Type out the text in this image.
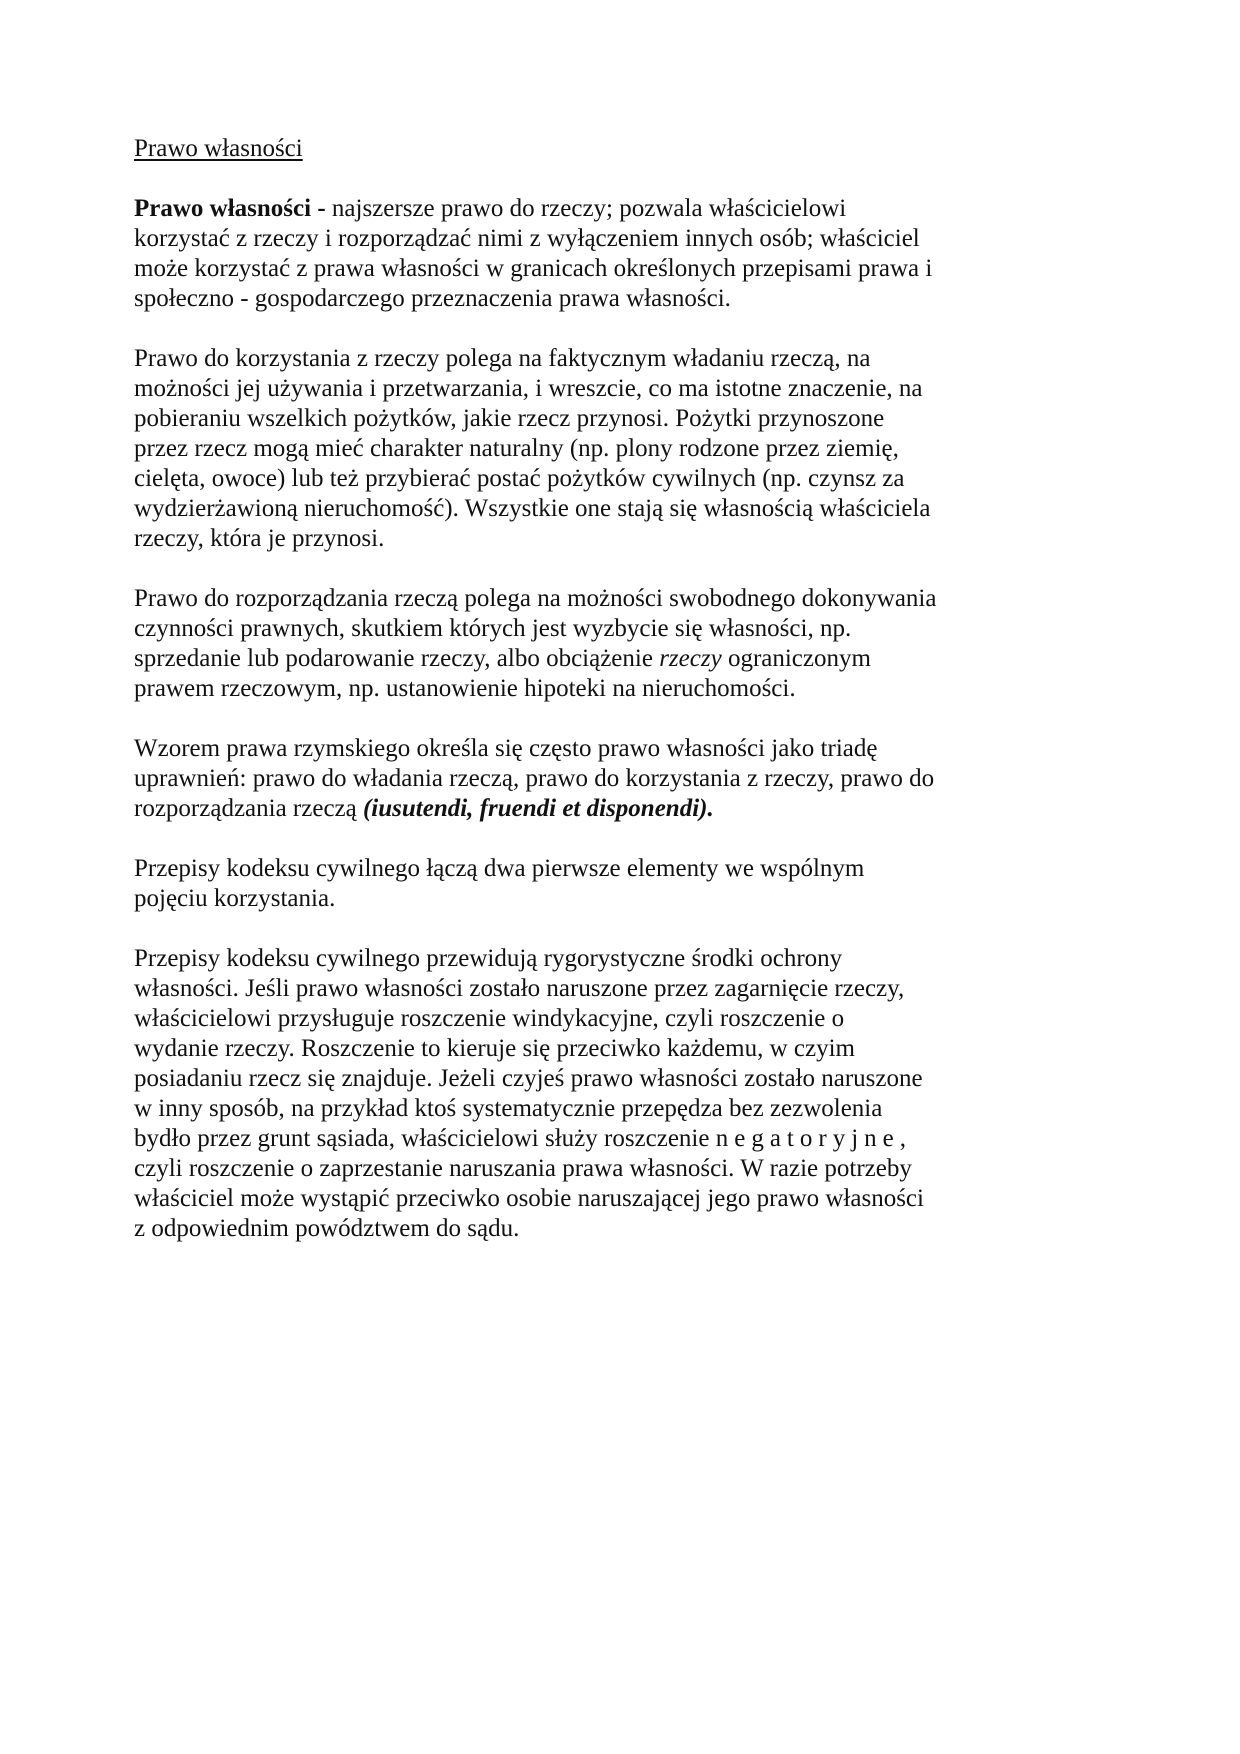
Prawo własności

Prawo własności - najszersze prawo do rzeczy; pozwala właścicielowi
korzystać z rzeczy i rozporządzać nimi z wyłączeniem innych osób; właściciel
może korzystać z prawa własności w granicach określonych przepisami prawa i
społeczno - gospodarczego przeznaczenia prawa własności.

Prawo do korzystania z rzeczy polega na faktycznym władaniu rzeczą, na
możności jej używania i przetwarzania, i wreszcie, co ma istotne znaczenie, na
pobieraniu wszelkich pożytków, jakie rzecz przynosi. Pożytki przynoszone
przez rzecz mogą mieć charakter naturalny (np. plony rodzone przez ziemię,
cielęta, owoce) lub też przybierać postać pożytków cywilnych (np. czynsz za
wydzierżawioną nieruchomość). Wszystkie one stają się własnością właściciela
rzeczy, która je przynosi.

Prawo do rozporządzania rzeczą polega na możności swobodnego dokonywania
czynności prawnych, skutkiem których jest wyzbycie się własności, np.
sprzedanie lub podarowanie rzeczy, albo obciążenie rzeczy ograniczonym
prawem rzeczowym, np. ustanowienie hipoteki na nieruchomości.

Wzorem prawa rzymskiego określa się często prawo własności jako triadę
uprawnień: prawo do władania rzeczą, prawo do korzystania z rzeczy, prawo do
rozporządzania rzeczą (iusutendi, fruendi et disponendi).

Przepisy kodeksu cywilnego łączą dwa pierwsze elementy we wspólnym
pojęciu korzystania.

Przepisy kodeksu cywilnego przewidują rygorystyczne środki ochrony
własności. Jeśli prawo własności zostało naruszone przez zagarnięcie rzeczy,
właścicielowi przysługuje roszczenie windykacyjne, czyli roszczenie o
wydanie rzeczy. Roszczenie to kieruje się przeciwko każdemu, w czyim
posiadaniu rzecz się znajduje. Jeżeli czyjeś prawo własności zostało naruszone
w inny sposób, na przykład ktoś systematycznie przepędza bez zezwolenia
bydło przez grunt sąsiada, właścicielowi służy roszczenie negatoryjne,
czyli roszczenie o zaprzestanie naruszania prawa własności. W razie potrzeby
właściciel może wystąpić przeciwko osobie naruszającej jego prawo własności
z odpowiednim powództwem do sądu.
